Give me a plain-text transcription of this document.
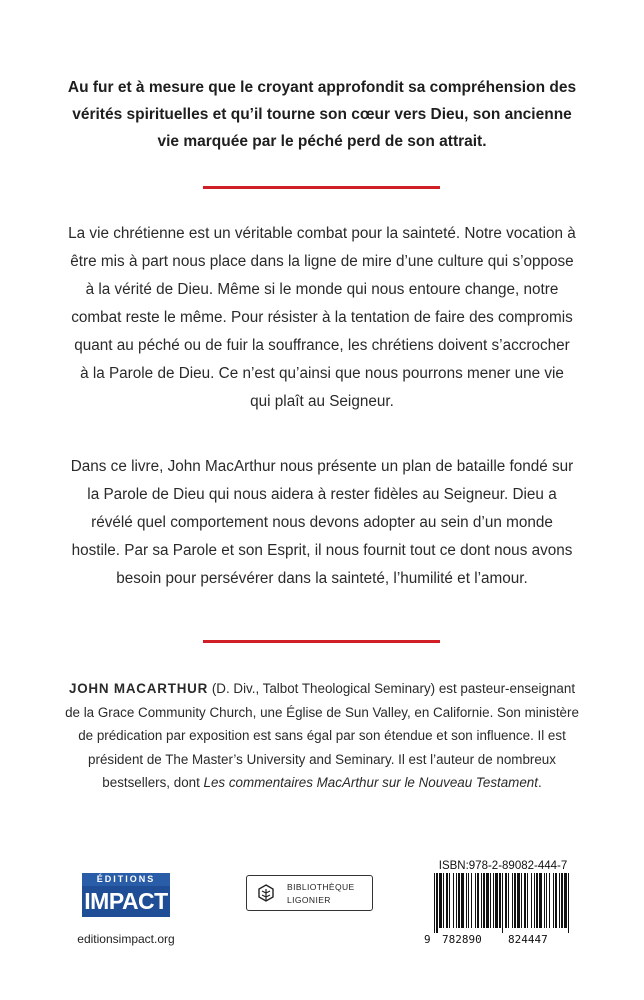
Au fur et à mesure que le croyant approfondit sa compréhension des vérités spirituelles et qu’il tourne son cœur vers Dieu, son ancienne vie marquée par le péché perd de son attrait.
La vie chrétienne est un véritable combat pour la sainteté. Notre vocation à être mis à part nous place dans la ligne de mire d’une culture qui s’oppose à la vérité de Dieu. Même si le monde qui nous entoure change, notre combat reste le même. Pour résister à la tentation de faire des compromis quant au péché ou de fuir la souffrance, les chrétiens doivent s’accrocher à la Parole de Dieu. Ce n’est qu’ainsi que nous pourrons mener une vie qui plaît au Seigneur.
Dans ce livre, John MacArthur nous présente un plan de bataille fondé sur la Parole de Dieu qui nous aidera à rester fidèles au Seigneur. Dieu a révélé quel comportement nous devons adopter au sein d’un monde hostile. Par sa Parole et son Esprit, il nous fournit tout ce dont nous avons besoin pour persévérer dans la sainteté, l’humilité et l’amour.
JOHN MACARTHUR (D. Div., Talbot Theological Seminary) est pasteur-enseignant de la Grace Community Church, une Église de Sun Valley, en Californie. Son ministère de prédication par exposition est sans égal par son étendue et son influence. Il est président de The Master’s University and Seminary. Il est l’auteur de nombreux bestsellers, dont Les commentaires MacArthur sur le Nouveau Testament.
ÉDITIONS
IMPACT
editionsimpact.org
BIBLIOTHÈQUE
LIGONIER
ISBN:978-2-89082-444-7
9 782890 824447
